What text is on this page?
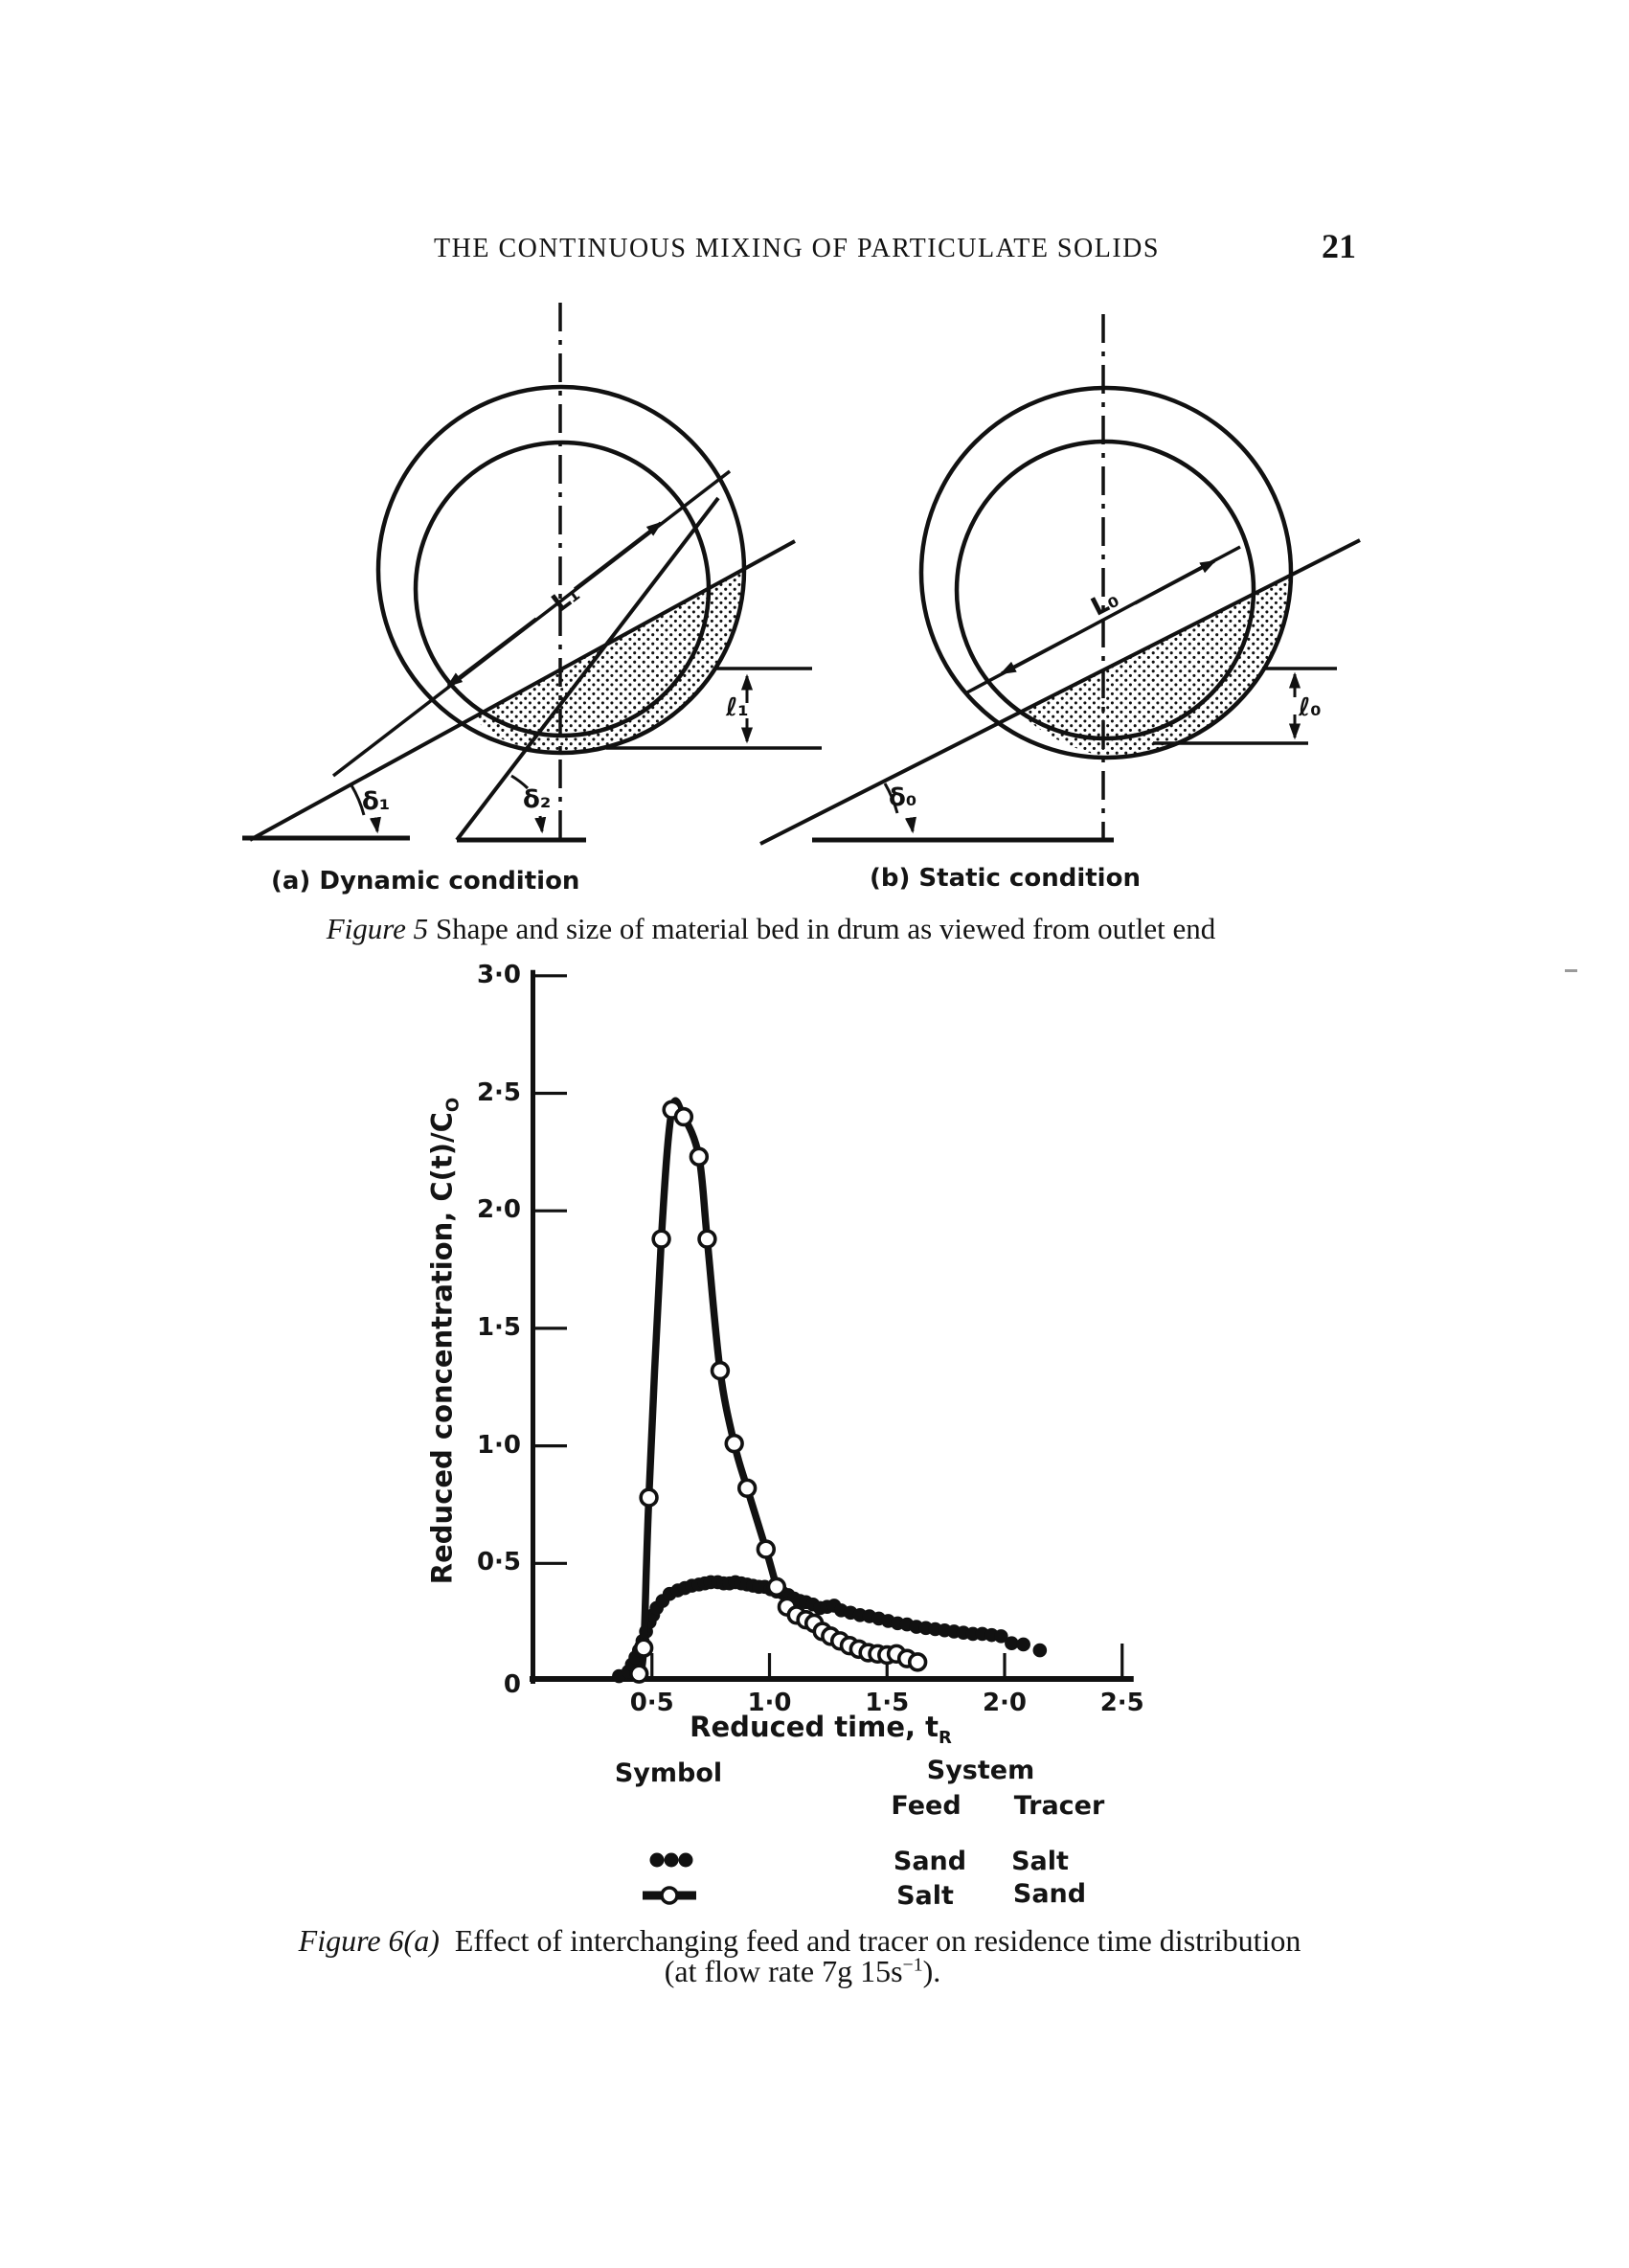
THE CONTINUOUS MIXING OF PARTICULATE SOLIDS	21
L₁
ℓ₁
δ₁	δ₂
L₀
ℓ₀
δ₀
(a) Dynamic condition	(b) Static condition
Figure 5 Shape and size of material bed in drum as viewed from outlet end
Reduced concentration, $C(t)/C_O$
Reduced time, $t_R$
Symbol	System
Feed Tracer
Sand Salt
Salt Sand
Figure 6(a) Effect of interchanging feed and tracer on residence time distribution
(at flow rate 7g $15s^{-1}$).
3·0
2·5
2·0
1·5
1·0
0·5
0·5	1·0	1·5	2·0	2·5
0
